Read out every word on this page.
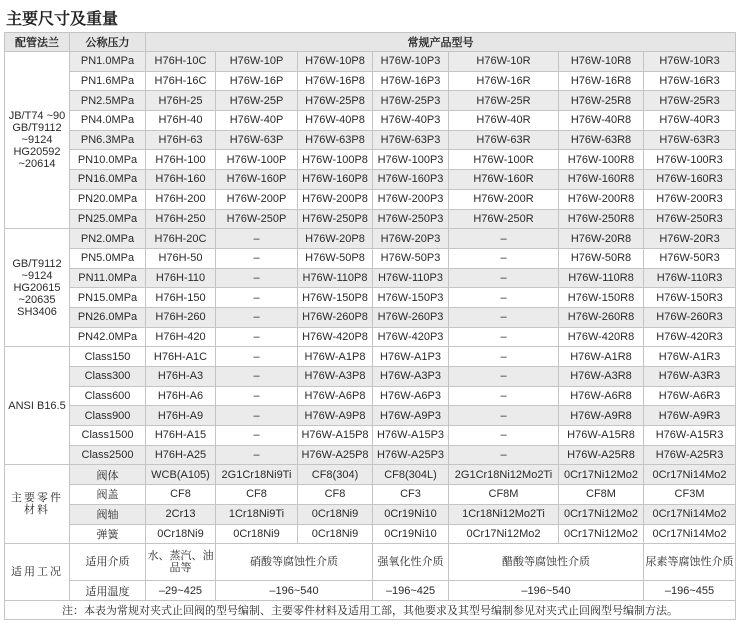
主要尺寸及重量
配管法兰	公称压力	常规产品型号						
JB/T74 ~90 GB/T9112 ~9124 HG20592 ~20614	PN1.0MPa	H76H-10C	H76W-10P	H76W-10P8	H76W-10P3	H76W-10R	H76W-10R8	H76W-10R3
	PN1.6MPa	H76H-16C	H76W-16P	H76W-16P8	H76W-16P3	H76W-16R	H76W-16R8	H76W-16R3
	PN2.5MPa	H76H-25	H76W-25P	H76W-25P8	H76W-25P3	H76W-25R	H76W-25R8	H76W-25R3
	PN4.0MPa	H76H-40	H76W-40P	H76W-40P8	H76W-40P3	H76W-40R	H76W-40R8	H76W-40R3
	PN6.3MPa	H76H-63	H76W-63P	H76W-63P8	H76W-63P3	H76W-63R	H76W-63R8	H76W-63R3
	PN10.0MPa	H76H-100	H76W-100P	H76W-100P8	H76W-100P3	H76W-100R	H76W-100R8	H76W-100R3
	PN16.0MPa	H76H-160	H76W-160P	H76W-160P8	H76W-160P3	H76W-160R	H76W-160R8	H76W-160R3
	PN20.0MPa	H76H-200	H76W-200P	H76W-200P8	H76W-200P3	H76W-200R	H76W-200R8	H76W-200R3
	PN25.0MPa	H76H-250	H76W-250P	H76W-250P8	H76W-250P3	H76W-250R	H76W-250R8	H76W-250R3
GB/T9112 ~9124 HG20615 ~20635 SH3406	PN2.0MPa	H76H-20C	–	H76W-20P8	H76W-20P3	–	H76W-20R8	H76W-20R3
	PN5.0MPa	H76H-50	–	H76W-50P8	H76W-50P3	–	H76W-50R8	H76W-50R3
	PN11.0MPa	H76H-110	–	H76W-110P8	H76W-110P3	–	H76W-110R8	H76W-110R3
	PN15.0MPa	H76H-150	–	H76W-150P8	H76W-150P3	–	H76W-150R8	H76W-150R3
	PN26.0MPa	H76H-260	–	H76W-260P8	H76W-260P3	–	H76W-260R8	H76W-260R3
	PN42.0MPa	H76H-420	–	H76W-420P8	H76W-420P3	–	H76W-420R8	H76W-420R3
ANSI B16.5	Class150	H76H-A1C	–	H76W-A1P8	H76W-A1P3	–	H76W-A1R8	H76W-A1R3
	Class300	H76H-A3	–	H76W-A3P8	H76W-A3P3	–	H76W-A3R8	H76W-A3R3
	Class600	H76H-A6	–	H76W-A6P8	H76W-A6P3	–	H76W-A6R8	H76W-A6R3
	Class900	H76H-A9	–	H76W-A9P8	H76W-A9P3	–	H76W-A9R8	H76W-A9R3
	Class1500	H76H-A15	–	H76W-A15P8	H76W-A15P3	–	H76W-A15R8	H76W-A15R3
	Class2500	H76H-A25	–	H76W-A25P8	H76W-A25P3	–	H76W-A25R8	H76W-A25R3
主要零件材料	阀体	WCB(A105)	2G1Cr18Ni9Ti	CF8(304)	CF8(304L)	2G1Cr18Ni12Mo2Ti	0Cr17Ni12Mo2	0Cr17Ni14Mo2
	阀盖	CF8	CF8	CF8	CF3	CF8M	CF8M	CF3M
	阀轴	2Cr13	1Cr18Ni9Ti	0Cr18Ni9	0Cr19Ni10	1Cr18Ni12Mo2Ti	0Cr17Ni12Mo2	0Cr17Ni14Mo2
	弹簧	0Cr18Ni9	0Cr18Ni9	0Cr18Ni9	0Cr19Ni10	0Cr17Ni12Mo2	0Cr17Ni12Mo2	0Cr17Ni14Mo2
适用工况	适用介质	水、蒸汽、油品等	硝酸等腐蚀性介质		强氧化性介质	醋酸等腐蚀性介质		尿素等腐蚀性介质
	适用温度	–29~425	–196~540		–196~425	–196~540		–196~455
注：本表为常规对夹式止回阀的型号编制、主要零件材料及适用工部，其他要求及其型号编制参见对夹式止回阀型号编制方法。								
